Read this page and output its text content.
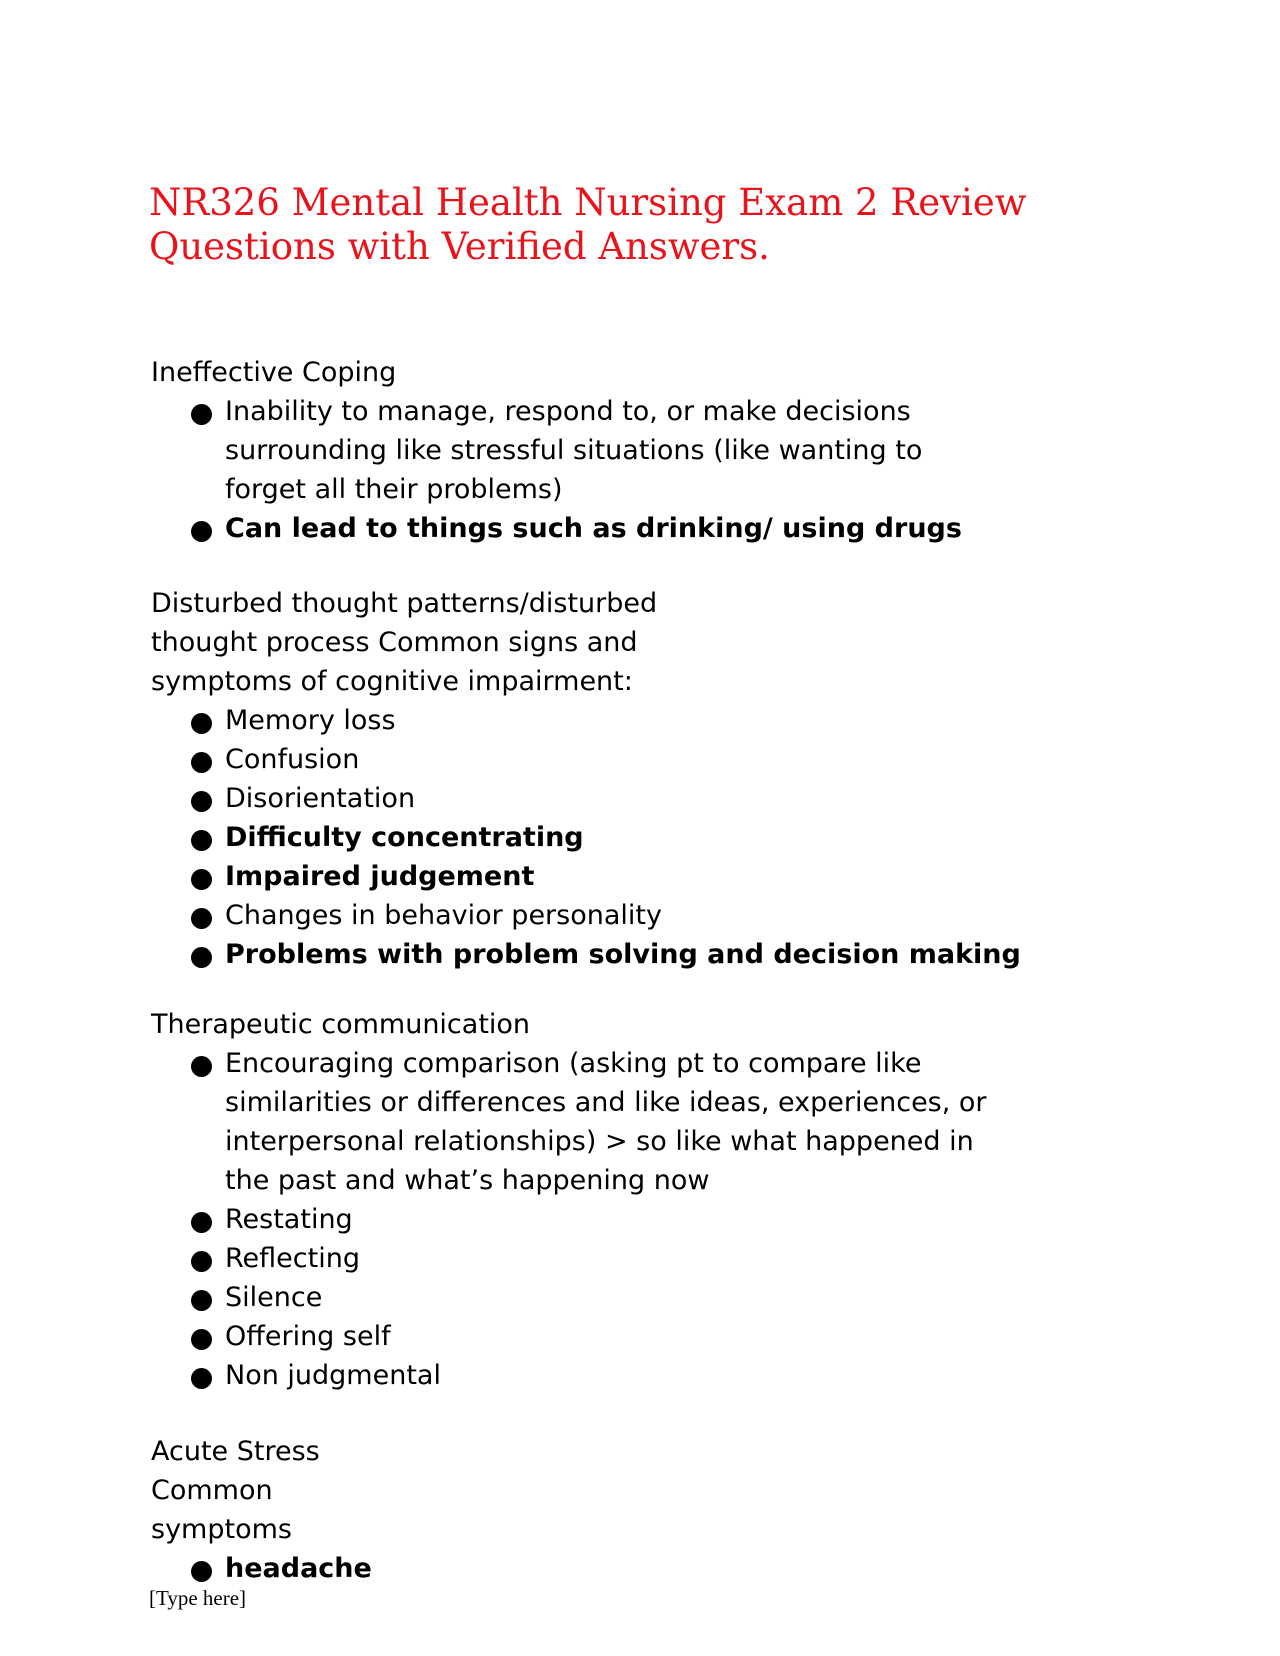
NR326 Mental Health Nursing Exam 2 Review
Questions with Verified Answers.

Ineffective Coping

Inability to manage, respond to, or make decisions
surrounding like stressful situations (like wanting to
forget all their problems)
Can lead to things such as drinking/ using drugs

Disturbed thought patterns/disturbed
thought process Common signs and
symptoms of cognitive impairment:

Memory loss
Confusion
Disorientation
Difficulty concentrating
Impaired judgement
Changes in behavior personality
Problems with problem solving and decision making

Therapeutic communication

Encouraging comparison (asking pt to compare like
similarities or differences and like ideas, experiences, or
interpersonal relationships) > so like what happened in
the past and what’s happening now
Restating
Reflecting
Silence
Offering self
Non judgmental

Acute Stress
Common
symptoms

headache
[Type here]
